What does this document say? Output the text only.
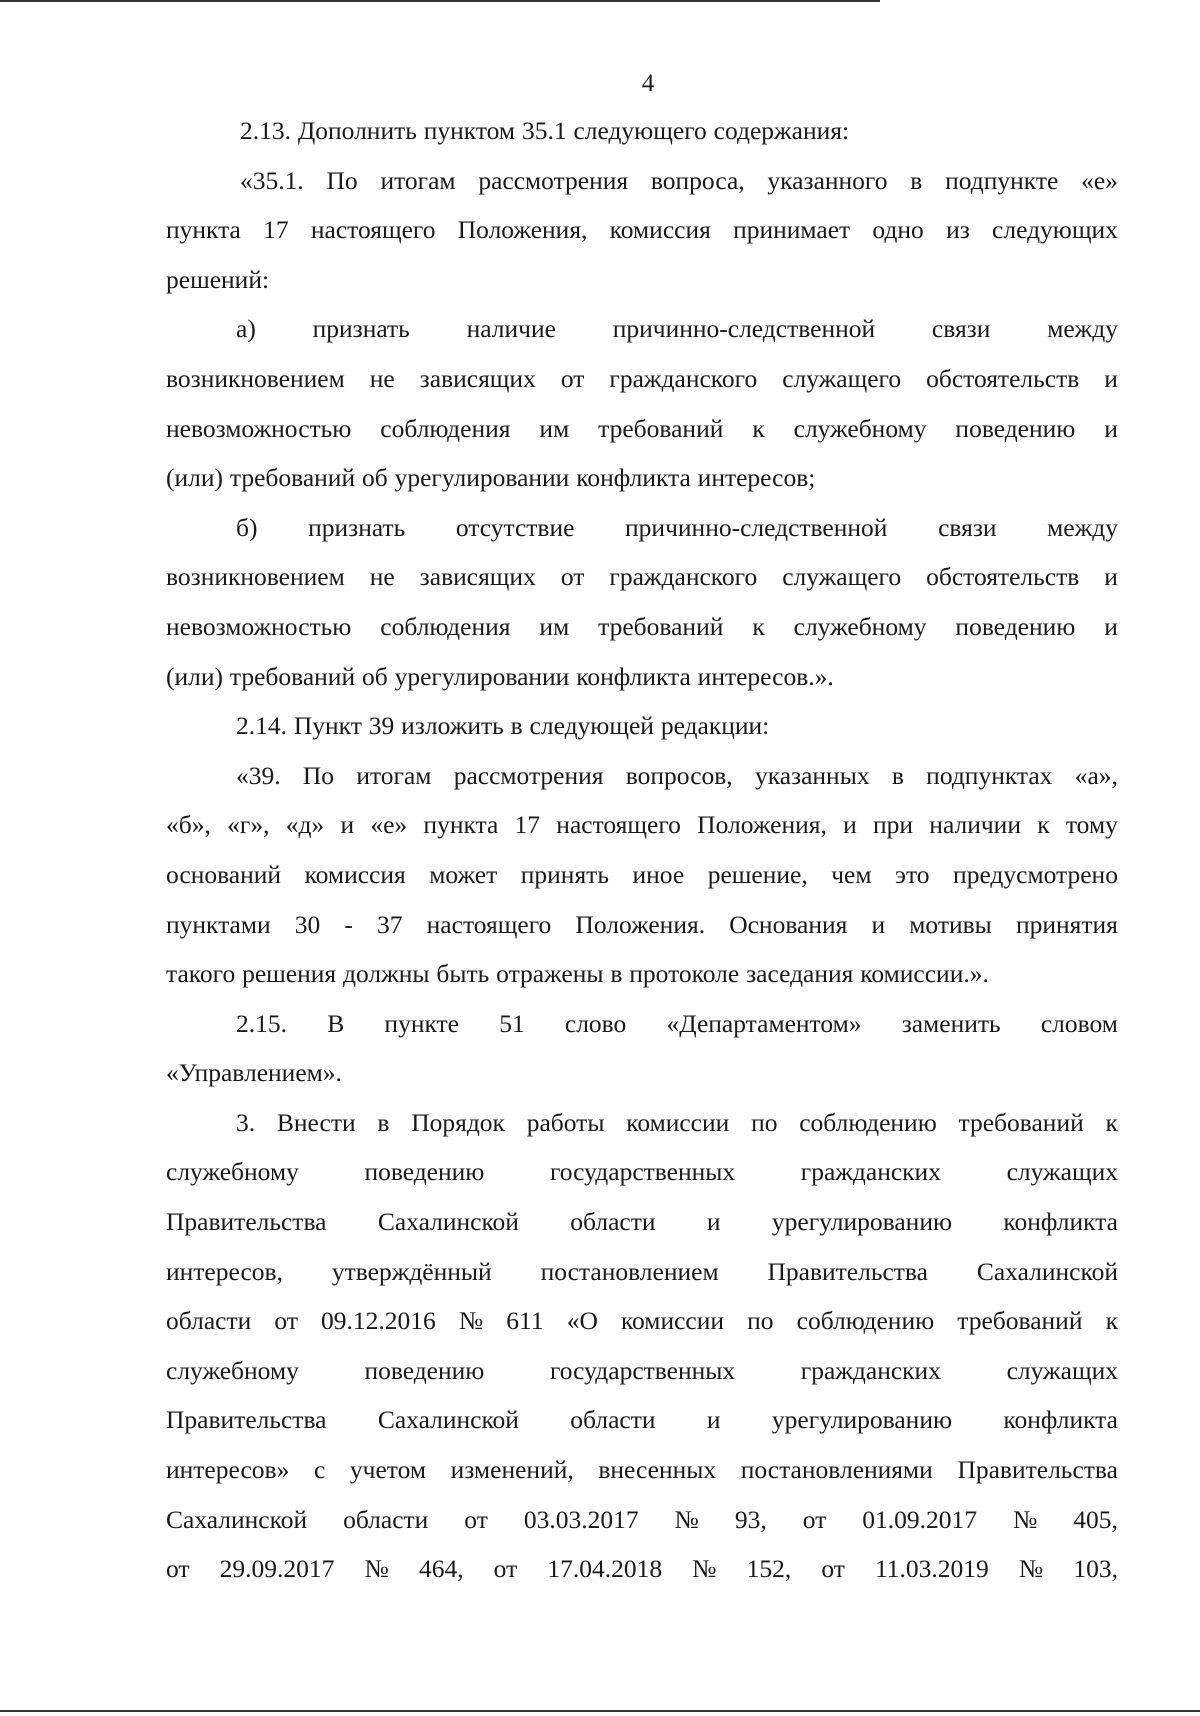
4
2.13. Дополнить пунктом 35.1 следующего содержания:
«35.1. По итогам рассмотрения вопроса, указанного в подпункте «е»
пункта 17 настоящего Положения, комиссия принимает одно из следующих
решений:
а) признать наличие причинно-следственной связи между
возникновением не зависящих от гражданского служащего обстоятельств и
невозможностью соблюдения им требований к служебному поведению и
(или) требований об урегулировании конфликта интересов;
б) признать отсутствие причинно-следственной связи между
возникновением не зависящих от гражданского служащего обстоятельств и
невозможностью соблюдения им требований к служебному поведению и
(или) требований об урегулировании конфликта интересов.».
2.14. Пункт 39 изложить в следующей редакции:
«39. По итогам рассмотрения вопросов, указанных в подпунктах «а»,
«б», «г», «д» и «е» пункта 17 настоящего Положения, и при наличии к тому
оснований комиссия может принять иное решение, чем это предусмотрено
пунктами 30 - 37 настоящего Положения. Основания и мотивы принятия
такого решения должны быть отражены в протоколе заседания комиссии.».
2.15. В пункте 51 слово «Департаментом» заменить словом
«Управлением».
3. Внести в Порядок работы комиссии по соблюдению требований к
служебному	поведению	государственных	гражданских	служащих
Правительства Сахалинской области и урегулированию конфликта
интересов, утверждённый постановлением Правительства Сахалинской
области от 09.12.2016 № 611 «О комиссии по соблюдению требований к
служебному	поведению	государственных	гражданских	служащих
Правительства Сахалинской области и урегулированию конфликта
интересов» с учетом изменений, внесенных постановлениями Правительства
Сахалинской области от 03.03.2017 № 93, от 01.09.2017 № 405,
от 29.09.2017 № 464, от 17.04.2018 № 152, от 11.03.2019 № 103,
